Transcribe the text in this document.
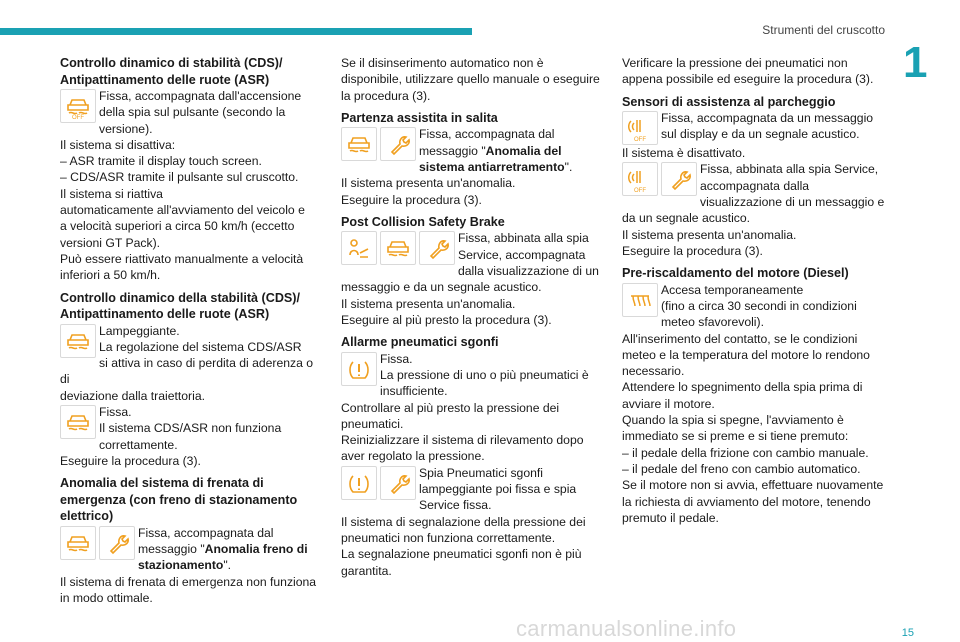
Strumenti del cruscotto
1
Controllo dinamico di stabilità (CDS)/ Antipattinamento delle ruote (ASR)
OFF
Fissa, accompagnata dall'accensione
della spia sul pulsante (secondo la
versione).
Il sistema si disattiva:
– ASR tramite il display touch screen.
– CDS/ASR tramite il pulsante sul cruscotto.
Il sistema si riattiva
automaticamente all'avviamento del veicolo e
a velocità superiori a circa 50 km/h (eccetto
versioni GT Pack).
Può essere riattivato manualmente a velocità
inferiori a 50 km/h.
Controllo dinamico della stabilità (CDS)/ Antipattinamento delle ruote (ASR)
Lampeggiante.
La regolazione del sistema CDS/ASR
si attiva in caso di perdita di aderenza o di
deviazione dalla traiettoria.
Fissa.
Il sistema CDS/ASR non funziona
correttamente.
Eseguire la procedura (3).
Anomalia del sistema di frenata di emergenza (con freno di stazionamento elettrico)
Fissa, accompagnata dal messaggio "Anomalia freno di stazionamento".
Il sistema di frenata di emergenza non funziona
in modo ottimale.
Se il disinserimento automatico non è
disponibile, utilizzare quello manuale o eseguire
la procedura (3).
Partenza assistita in salita
Fissa, accompagnata dal messaggio "Anomalia del sistema antiarretramento".
Il sistema presenta un'anomalia.
Eseguire la procedura (3).
Post Collision Safety Brake
Fissa, abbinata alla spia Service, accompagnata dalla visualizzazione di un messaggio e da un segnale acustico.
Il sistema presenta un'anomalia.
Eseguire al più presto la procedura (3).
Allarme pneumatici sgonfi
Fissa.
La pressione di uno o più pneumatici è
insufficiente.
Controllare al più presto la pressione dei
pneumatici.
Reinizializzare il sistema di rilevamento dopo
aver regolato la pressione.
Spia Pneumatici sgonfi lampeggiante poi fissa e spia Service fissa.
Il sistema di segnalazione della pressione dei
pneumatici non funziona correttamente.
La segnalazione pneumatici sgonfi non è più
garantita.
Verificare la pressione dei pneumatici non
appena possibile ed eseguire la procedura (3).
Sensori di assistenza al parcheggio
OFF
Fissa, accompagnata da un messaggio
sul display e da un segnale acustico.
Il sistema è disattivato.
OFF
Fissa, abbinata alla spia Service, accompagnata dalla visualizzazione di un messaggio e da un segnale acustico.
Il sistema presenta un'anomalia.
Eseguire la procedura (3).
Pre-riscaldamento del motore (Diesel)
Accesa temporaneamente
(fino a circa 30 secondi in condizioni
meteo sfavorevoli).
All'inserimento del contatto, se le condizioni
meteo e la temperatura del motore lo rendono
necessario.
Attendere lo spegnimento della spia prima di
avviare il motore.
Quando la spia si spegne, l'avviamento è
immediato se si preme e si tiene premuto:
– il pedale della frizione con cambio manuale.
– il pedale del freno con cambio automatico.
Se il motore non si avvia, effettuare nuovamente
la richiesta di avviamento del motore, tenendo
premuto il pedale.
carmanualsonline.info	15
